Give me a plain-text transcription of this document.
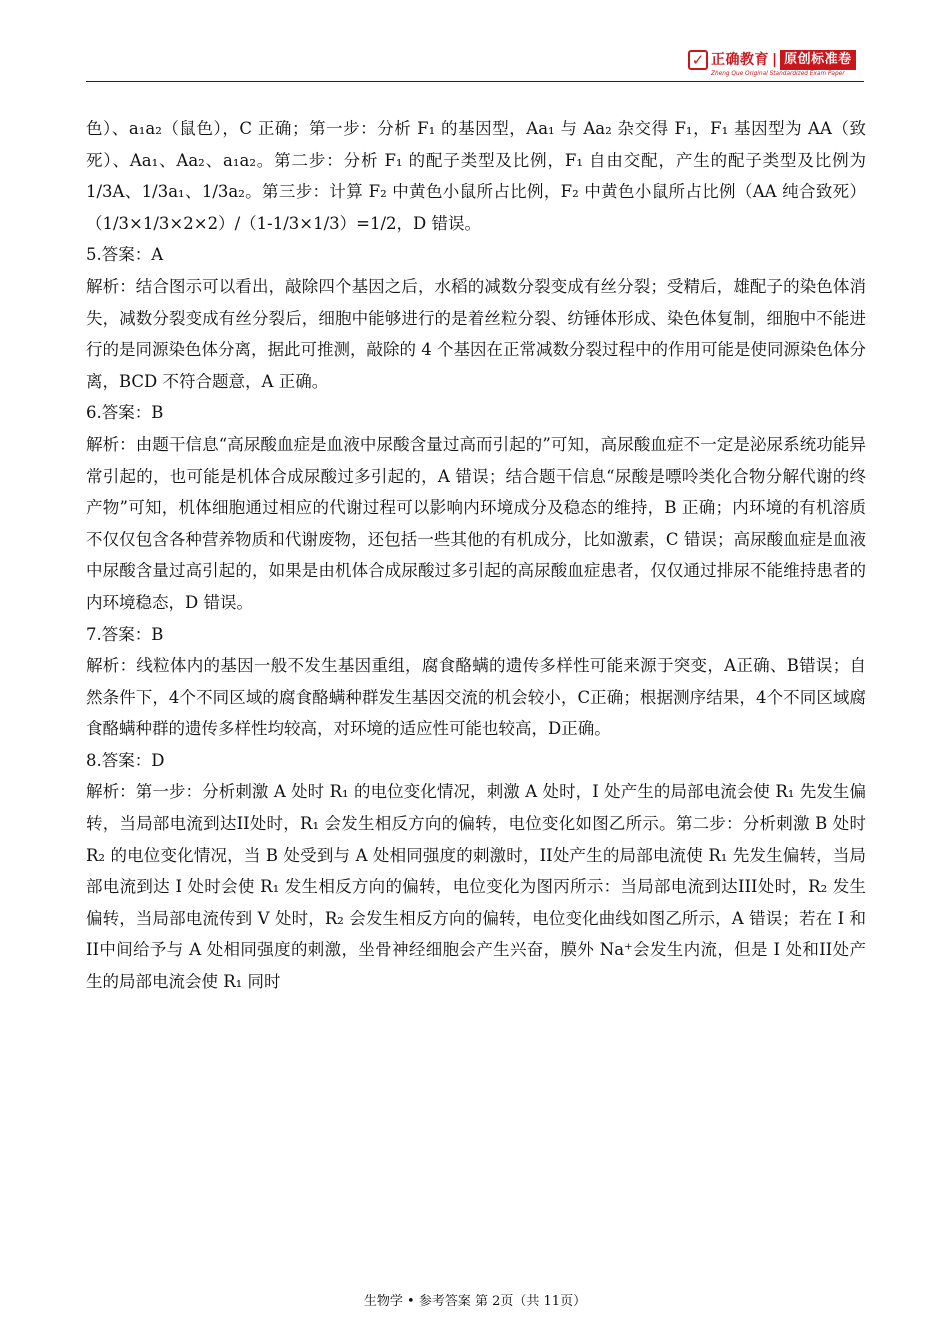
✓ 正确教育 | 原创标准卷
Zheng Que Original Standardized Exam Paper

色）、a₁a₂（鼠色），C 正确；第一步：分析 F₁ 的基因型，Aa₁ 与 Aa₂ 杂交得 F₁，F₁ 基因型为 AA（致死）、Aa₁、Aa₂、a₁a₂。第二步：分析 F₁ 的配子类型及比例，F₁ 自由交配，产生的配子类型及比例为 1/3A、1/3a₁、1/3a₂。第三步：计算 F₂ 中黄色小鼠所占比例，F₂ 中黄色小鼠所占比例（AA 纯合致死）（1/3×1/3×2×2）/（1-1/3×1/3）=1/2，D 错误。

5.答案：A

解析：结合图示可以看出，敲除四个基因之后，水稻的减数分裂变成有丝分裂；受精后，雄配子的染色体消失，减数分裂变成有丝分裂后，细胞中能够进行的是着丝粒分裂、纺锤体形成、染色体复制，细胞中不能进行的是同源染色体分离，据此可推测，敲除的 4 个基因在正常减数分裂过程中的作用可能是使同源染色体分离，BCD 不符合题意，A 正确。

6.答案：B

解析：由题干信息“高尿酸血症是血液中尿酸含量过高而引起的”可知，高尿酸血症不一定是泌尿系统功能异常引起的，也可能是机体合成尿酸过多引起的，A 错误；结合题干信息“尿酸是嘌呤类化合物分解代谢的终产物”可知，机体细胞通过相应的代谢过程可以影响内环境成分及稳态的维持，B 正确；内环境的有机溶质不仅仅包含各种营养物质和代谢废物，还包括一些其他的有机成分，比如激素，C 错误；高尿酸血症是血液中尿酸含量过高引起的，如果是由机体合成尿酸过多引起的高尿酸血症患者，仅仅通过排尿不能维持患者的内环境稳态，D 错误。

7.答案：B

解析：线粒体内的基因一般不发生基因重组，腐食酪螨的遗传多样性可能来源于突变，A正确、B错误；自然条件下，4个不同区域的腐食酪螨种群发生基因交流的机会较小，C正确；根据测序结果，4个不同区域腐食酪螨种群的遗传多样性均较高，对环境的适应性可能也较高，D正确。

8.答案：D

解析：第一步：分析刺激 A 处时 R₁ 的电位变化情况，刺激 A 处时，I 处产生的局部电流会使 R₁ 先发生偏转，当局部电流到达II处时，R₁ 会发生相反方向的偏转，电位变化如图乙所示。第二步：分析刺激 B 处时 R₂ 的电位变化情况，当 B 处受到与 A 处相同强度的刺激时，II处产生的局部电流使 R₁ 先发生偏转，当局部电流到达 I 处时会使 R₁ 发生相反方向的偏转，电位变化为图丙所示：当局部电流到达III处时，R₂ 发生偏转，当局部电流传到 V 处时，R₂ 会发生相反方向的偏转，电位变化曲线如图乙所示，A 错误；若在 I 和II中间给予与 A 处相同强度的刺激，坐骨神经细胞会产生兴奋，膜外 Na⁺会发生内流，但是 I 处和II处产生的局部电流会使 R₁ 同时

生物学 • 参考答案 第 2页（共 11页）
